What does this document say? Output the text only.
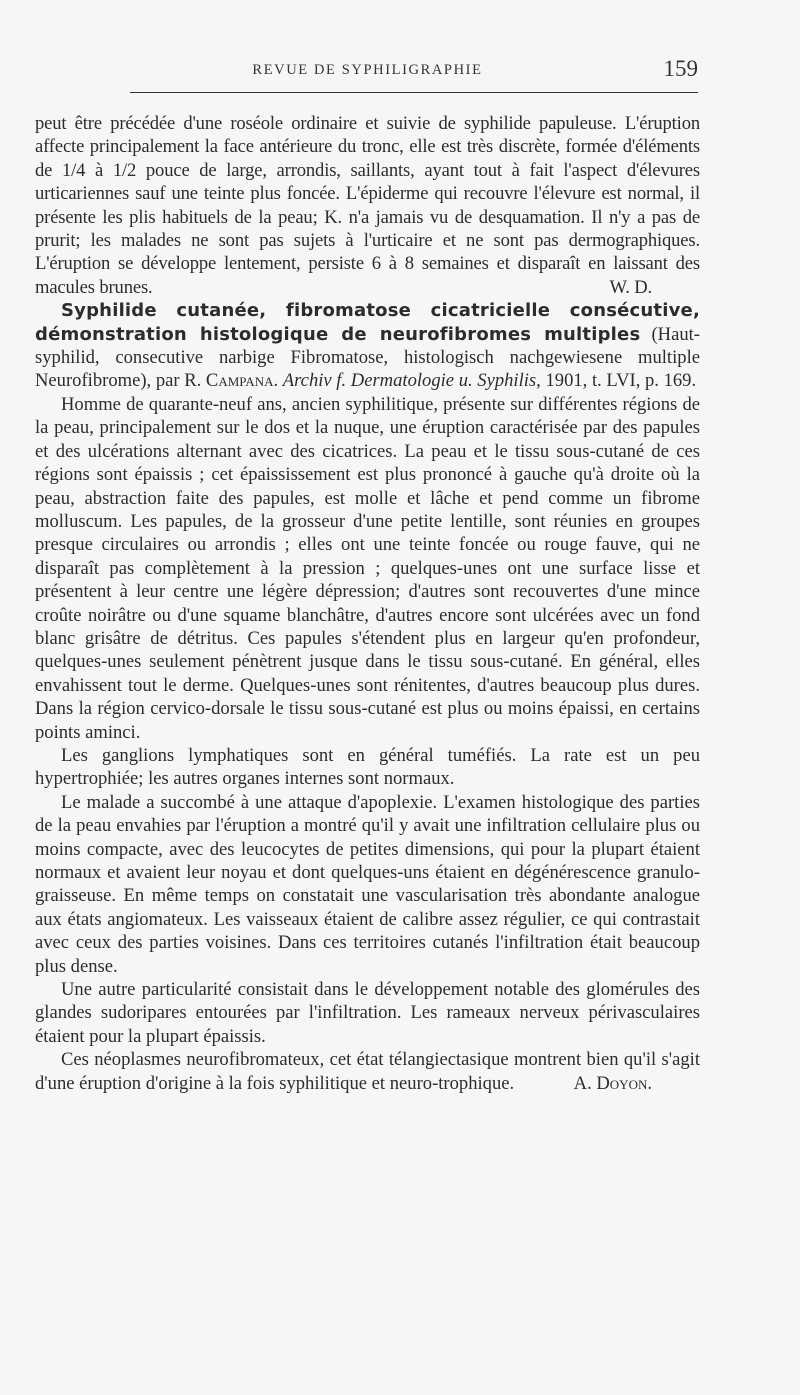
REVUE DE SYPHILIGRAPHIE	159

peut être précédée d'une roséole ordinaire et suivie de syphilide papuleuse. L'éruption affecte principalement la face antérieure du tronc, elle est très discrète, formée d'éléments de 1/4 à 1/2 pouce de large, arrondis, saillants, ayant tout à fait l'aspect d'élevures urticariennes sauf une teinte plus foncée. L'épiderme qui recouvre l'élevure est normal, il présente les plis habituels de la peau; K. n'a jamais vu de desquamation. Il n'y a pas de prurit; les malades ne sont pas sujets à l'urticaire et ne sont pas dermographiques. L'éruption se développe lentement, persiste 6 à 8 semaines et disparaît en laissant des macules brunes.	W. D.

Syphilide cutanée, fibromatose cicatricielle consécutive, démonstration histologique de neurofibromes multiples (Haut-syphilid, consecutive narbige Fibromatose, histologisch nachgewiesene multiple Neurofibrome), par R. Campana. Archiv f. Dermatologie u. Syphilis, 1901, t. LVI, p. 169.

Homme de quarante-neuf ans, ancien syphilitique, présente sur différentes régions de la peau, principalement sur le dos et la nuque, une éruption caractérisée par des papules et des ulcérations alternant avec des cicatrices. La peau et le tissu sous-cutané de ces régions sont épaissis ; cet épaississement est plus prononcé à gauche qu'à droite où la peau, abstraction faite des papules, est molle et lâche et pend comme un fibrome molluscum. Les papules, de la grosseur d'une petite lentille, sont réunies en groupes presque circulaires ou arrondis ; elles ont une teinte foncée ou rouge fauve, qui ne disparaît pas complètement à la pression ; quelques-unes ont une surface lisse et présentent à leur centre une légère dépression; d'autres sont recouvertes d'une mince croûte noirâtre ou d'une squame blanchâtre, d'autres encore sont ulcérées avec un fond blanc grisâtre de détritus. Ces papules s'étendent plus en largeur qu'en profondeur, quelques-unes seulement pénètrent jusque dans le tissu sous-cutané. En général, elles envahissent tout le derme. Quelques-unes sont rénitentes, d'autres beaucoup plus dures. Dans la région cervico-dorsale le tissu sous-cutané est plus ou moins épaissi, en certains points aminci.

Les ganglions lymphatiques sont en général tuméfiés. La rate est un peu hypertrophiée; les autres organes internes sont normaux.

Le malade a succombé à une attaque d'apoplexie. L'examen histologique des parties de la peau envahies par l'éruption a montré qu'il y avait une infiltration cellulaire plus ou moins compacte, avec des leucocytes de petites dimensions, qui pour la plupart étaient normaux et avaient leur noyau et dont quelques-uns étaient en dégénérescence granulo-graisseuse. En même temps on constatait une vascularisation très abondante analogue aux états angiomateux. Les vaisseaux étaient de calibre assez régulier, ce qui contrastait avec ceux des parties voisines. Dans ces territoires cutanés l'infiltration était beaucoup plus dense.

Une autre particularité consistait dans le développement notable des glomérules des glandes sudoripares entourées par l'infiltration. Les rameaux nerveux périvasculaires étaient pour la plupart épaissis.

Ces néoplasmes neurofibromateux, cet état télangiectasique montrent bien qu'il s'agit d'une éruption d'origine à la fois syphilitique et neuro-trophique.	A. Doyon.
